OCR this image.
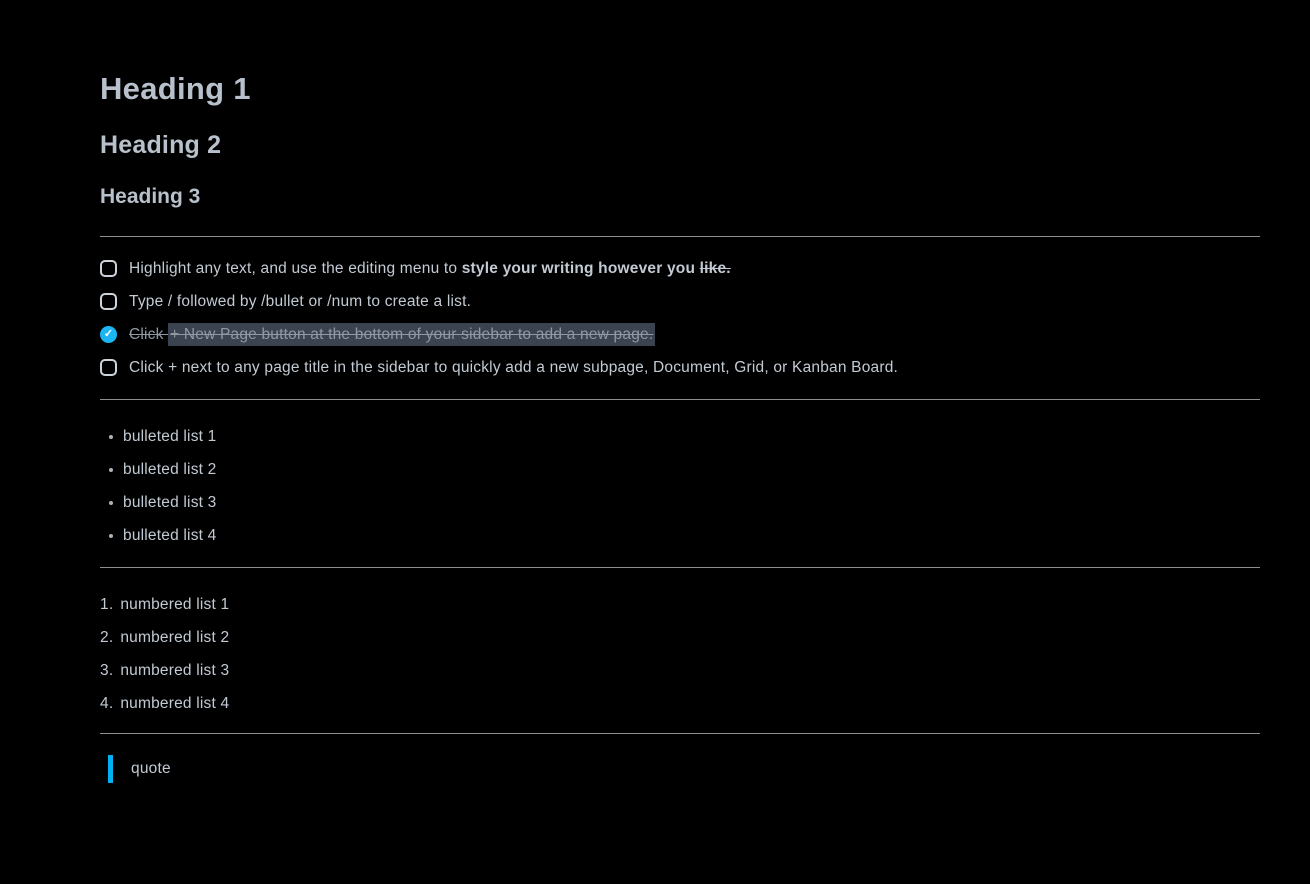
Heading 1
Heading 2
Heading 3
Highlight any text, and use the editing menu to style your writing however you like.
Type / followed by /bullet or /num to create a list.
✓ Click + New Page button at the bottom of your sidebar to add a new page.
Click + next to any page title in the sidebar to quickly add a new subpage, Document, Grid, or Kanban Board.
bulleted list 1
bulleted list 2
bulleted list 3
bulleted list 4
1. numbered list 1
2. numbered list 2
3. numbered list 3
4. numbered list 4
quote
